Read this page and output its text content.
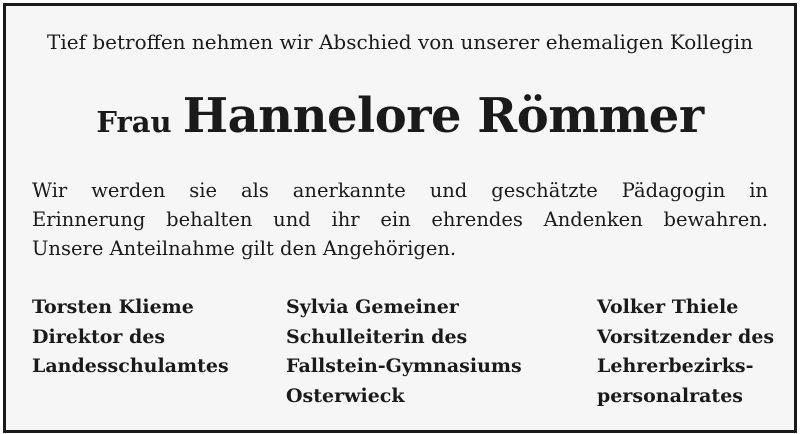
Tief betroffen nehmen wir Abschied von unserer ehemaligen Kollegin
Frau Hannelore Römmer
Wir werden sie als anerkannte und geschätzte Pädagogin in
Erinnerung behalten und ihr ein ehrendes Andenken bewahren.
Unsere Anteilnahme gilt den Angehörigen.
Torsten Klieme
Direktor des
Landesschulamtes
Sylvia Gemeiner
Schulleiterin des
Fallstein-Gymnasiums
Osterwieck
Volker Thiele
Vorsitzender des
Lehrerbezirks-
personalrates
